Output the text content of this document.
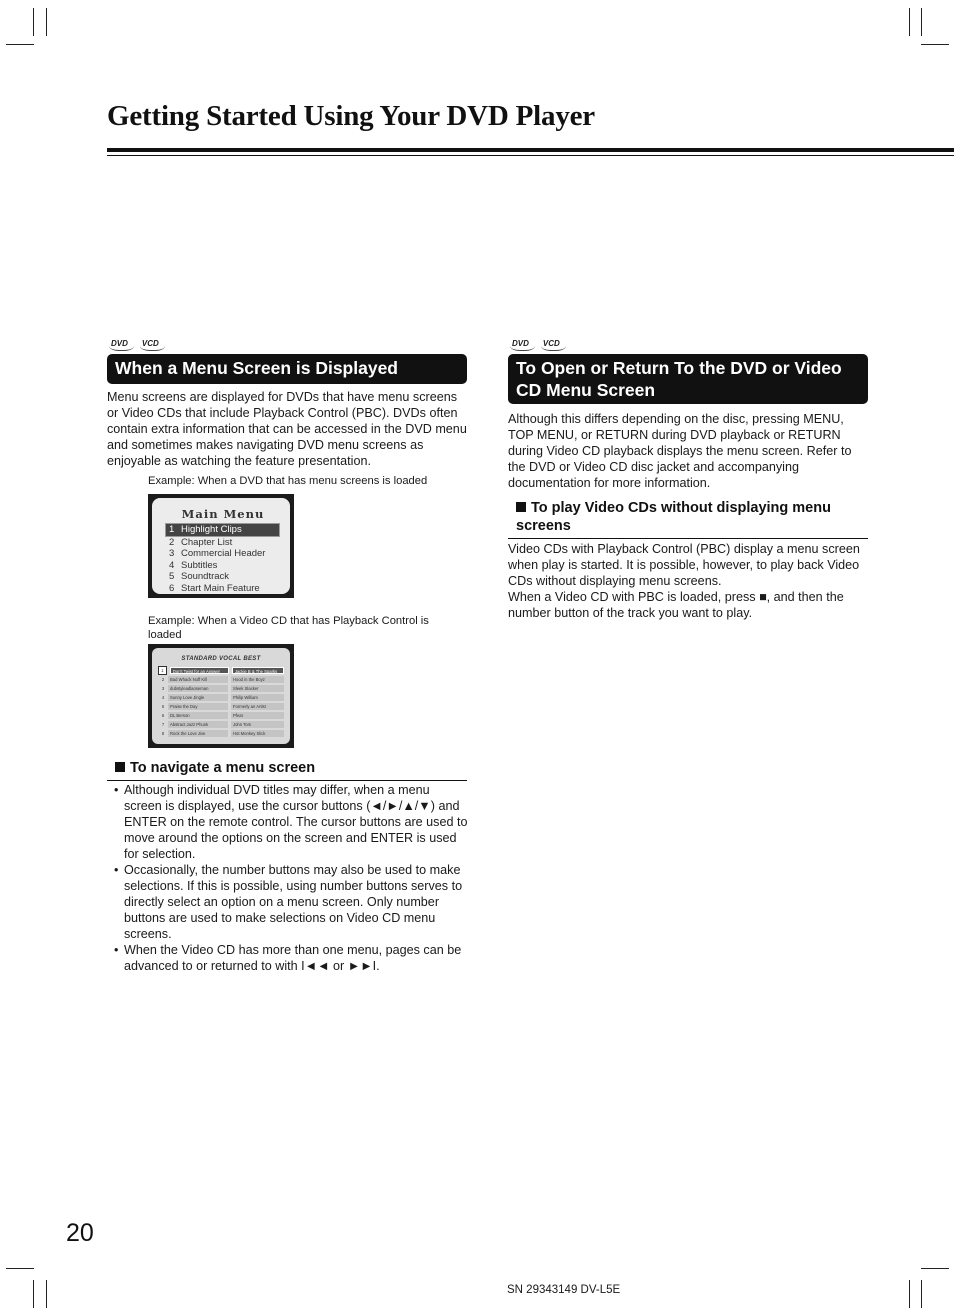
Getting Started Using Your DVD Player
DVD	VCD
When a Menu Screen is Displayed
Menu screens are displayed for DVDs that have menu screens or Video CDs that include Playback Control (PBC). DVDs often contain extra information that can be accessed in the DVD menu and sometimes makes navigating DVD menu screens as enjoyable as watching the feature presentation.
Example: When a DVD that has menu screens is loaded
Main Menu
1 Highlight Clips
2 Chapter List
3 Commercial Header
4 Subtitles
5 Soundtrack
6 Start Main Feature
Example: When a Video CD that has Playback Control is loaded
STANDARD VOCAL BEST
1	Don't Twist for an Answer	Jackie B & The Sparks
2	Bad Whack Nuff Kill	Hood in the Boyz
3	dubstyleadlaoseman	Sleek Slacker
4	Sunny Love Jingle	Philip William
5	Praise the Day	Formerly an Artist
6	DL Berson	Pfeat
7	Abstract Jazz Phunk	John Tom
8	Rock the Love Jive	Hot Monkey Slick
To navigate a menu screen
• Although individual DVD titles may differ, when a menu screen is displayed, use the cursor buttons (◄/►/▲/▼) and ENTER on the remote control. The cursor buttons are used to move around the options on the screen and ENTER is used for selection.
• Occasionally, the number buttons may also be used to make selections. If this is possible, using number buttons serves to directly select an option on a menu screen. Only number buttons are used to make selections on Video CD menu screens.
• When the Video CD has more than one menu, pages can be advanced to or returned to with I◄◄ or ►►I.
DVD	VCD
To Open or Return To the DVD or Video CD Menu Screen
Although this differs depending on the disc, pressing MENU, TOP MENU, or RETURN during DVD playback or RETURN during Video CD playback displays the menu screen. Refer to the DVD or Video CD disc jacket and accompanying documentation for more information.
To play Video CDs without displaying menu screens
Video CDs with Playback Control (PBC) display a menu screen when play is started. It is possible, however, to play back Video CDs without displaying menu screens.
When a Video CD with PBC is loaded, press ■, and then the number button of the track you want to play.
20
SN 29343149 DV-L5E
